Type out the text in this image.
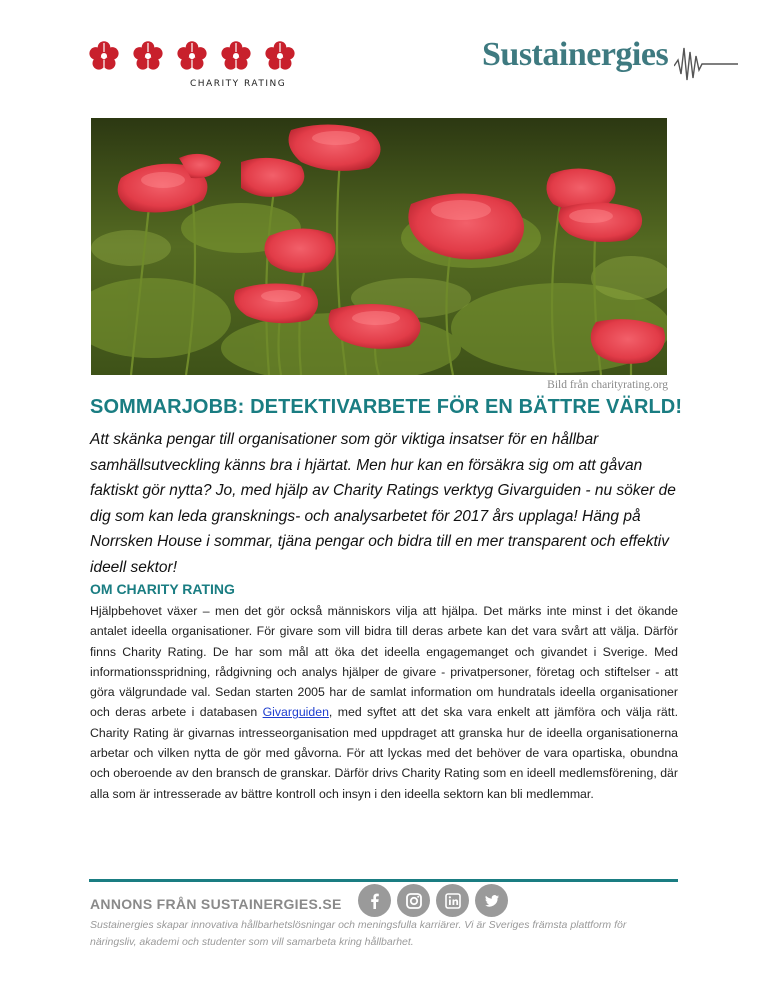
CHARITY RATING
Sustainergies
Bild från charityrating.org
SOMMARJOBB: DETEKTIVARBETE FÖR EN BÄTTRE VÄRLD!
Att skänka pengar till organisationer som gör viktiga insatser för en hållbar samhällsutveckling känns bra i hjärtat. Men hur kan en försäkra sig om att gåvan faktiskt gör nytta? Jo, med hjälp av Charity Ratings verktyg Givarguiden - nu söker de dig som kan leda gransknings- och analysarbetet för 2017 års upplaga! Häng på Norrsken House i sommar, tjäna pengar och bidra till en mer transparent och effektiv ideell sektor!
OM CHARITY RATING
Hjälpbehovet växer – men det gör också människors vilja att hjälpa. Det märks inte minst i det ökande antalet ideella organisationer. För givare som vill bidra till deras arbete kan det vara svårt att välja. Därför finns Charity Rating. De har som mål att öka det ideella engagemanget och givandet i Sverige. Med informationsspridning, rådgivning och analys hjälper de givare - privatpersoner, företag och stiftelser - att göra välgrundade val. Sedan starten 2005 har de samlat information om hundratals ideella organisationer och deras arbete i databasen Givarguiden, med syftet att det ska vara enkelt att jämföra och välja rätt. Charity Rating är givarnas intresseorganisation med uppdraget att granska hur de ideella organisationerna arbetar och vilken nytta de gör med gåvorna. För att lyckas med det behöver de vara opartiska, obundna och oberoende av den bransch de granskar. Därför drivs Charity Rating som en ideell medlemsförening, där alla som är intresserade av bättre kontroll och insyn i den ideella sektorn kan bli medlemmar.
ANNONS FRÅN SUSTAINERGIES.SE
Sustainergies skapar innovativa hållbarhetslösningar och meningsfulla karriärer. Vi är Sveriges främsta plattform för näringsliv, akademi och studenter som vill samarbeta kring hållbarhet.
